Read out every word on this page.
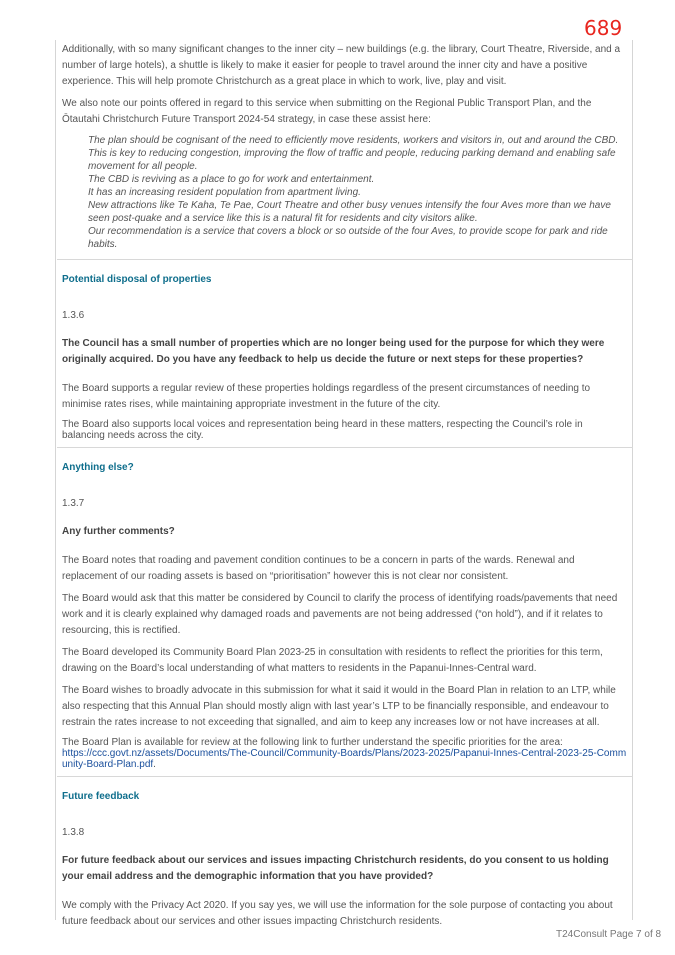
689

Additionally, with so many significant changes to the inner city – new buildings (e.g. the library, Court Theatre, Riverside, and a number of large hotels), a shuttle is likely to make it easier for people to travel around the inner city and have a positive experience. This will help promote Christchurch as a great place in which to work, live, play and visit.

We also note our points offered in regard to this service when submitting on the Regional Public Transport Plan, and the Ōtautahi Christchurch Future Transport 2024-54 strategy, in case these assist here:

The plan should be cognisant of the need to efficiently move residents, workers and visitors in, out and around the CBD. This is key to reducing congestion, improving the flow of traffic and people, reducing parking demand and enabling safe movement for all people.
The CBD is reviving as a place to go for work and entertainment.
It has an increasing resident population from apartment living.
New attractions like Te Kaha, Te Pae, Court Theatre and other busy venues intensify the four Aves more than we have seen post-quake and a service like this is a natural fit for residents and city visitors alike.
Our recommendation is a service that covers a block or so outside of the four Aves, to provide scope for park and ride habits.
Potential disposal of properties
1.3.6
The Council has a small number of properties which are no longer being used for the purpose for which they were originally acquired. Do you have any feedback to help us decide the future or next steps for these properties?

The Board supports a regular review of these properties holdings regardless of the present circumstances of needing to minimise rates rises, while maintaining appropriate investment in the future of the city.

The Board also supports local voices and representation being heard in these matters, respecting the Council’s role in balancing needs across the city.

Anything else?
1.3.7
Any further comments?

The Board notes that roading and pavement condition continues to be a concern in parts of the wards. Renewal and replacement of our roading assets is based on “prioritisation” however this is not clear nor consistent.

The Board would ask that this matter be considered by Council to clarify the process of identifying roads/pavements that need work and it is clearly explained why damaged roads and pavements are not being addressed (“on hold”), and if it relates to resourcing, this is rectified.

The Board developed its Community Board Plan 2023-25 in consultation with residents to reflect the priorities for this term, drawing on the Board’s local understanding of what matters to residents in the Papanui-Innes-Central ward.

The Board wishes to broadly advocate in this submission for what it said it would in the Board Plan in relation to an LTP, while also respecting that this Annual Plan should mostly align with last year’s LTP to be financially responsible, and endeavour to restrain the rates increase to not exceeding that signalled, and aim to keep any increases low or not have increases at all.

The Board Plan is available for review at the following link to further understand the specific priorities for the area:
https://ccc.govt.nz/assets/Documents/The-Council/Community-Boards/Plans/2023-2025/Papanui-Innes-Central-2023-25-Community-Board-Plan.pdf.

Future feedback
1.3.8
For future feedback about our services and issues impacting Christchurch residents, do you consent to us holding your email address and the demographic information that you have provided?

We comply with the Privacy Act 2020. If you say yes, we will use the information for the sole purpose of contacting you about future feedback about our services and other issues impacting Christchurch residents.

T24Consult Page 7 of 8
